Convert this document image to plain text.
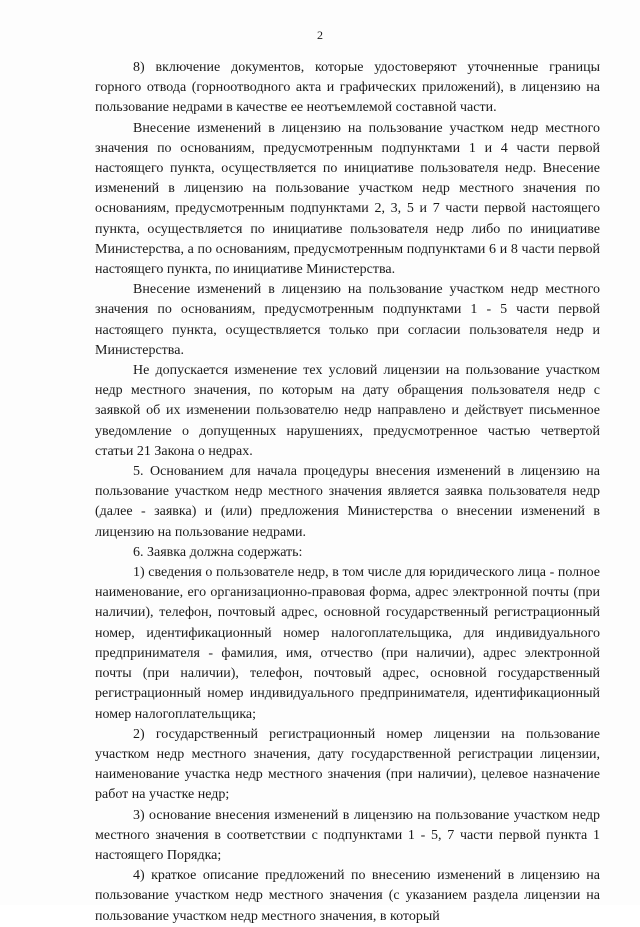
2

8) включение документов, которые удостоверяют уточненные границы горного отвода (горноотводного акта и графических приложений), в лицензию на пользование недрами в качестве ее неотъемлемой составной части.

Внесение изменений в лицензию на пользование участком недр местного значения по основаниям, предусмотренным подпунктами 1 и 4 части первой настоящего пункта, осуществляется по инициативе пользователя недр. Внесение изменений в лицензию на пользование участком недр местного значения по основаниям, предусмотренным подпунктами 2, 3, 5 и 7 части первой настоящего пункта, осуществляется по инициативе пользователя недр либо по инициативе Министерства, а по основаниям, предусмотренным подпунктами 6 и 8 части первой настоящего пункта, по инициативе Министерства.

Внесение изменений в лицензию на пользование участком недр местного значения по основаниям, предусмотренным подпунктами 1 - 5 части первой настоящего пункта, осуществляется только при согласии пользователя недр и Министерства.

Не допускается изменение тех условий лицензии на пользование участком недр местного значения, по которым на дату обращения пользователя недр с заявкой об их изменении пользователю недр направлено и действует письменное уведомление о допущенных нарушениях, предусмотренное частью четвертой статьи 21 Закона о недрах.

5. Основанием для начала процедуры внесения изменений в лицензию на пользование участком недр местного значения является заявка пользователя недр (далее - заявка) и (или) предложения Министерства о внесении изменений в лицензию на пользование недрами.

6. Заявка должна содержать:

1) сведения о пользователе недр, в том числе для юридического лица - полное наименование, его организационно-правовая форма, адрес электронной почты (при наличии), телефон, почтовый адрес, основной государственный регистрационный номер, идентификационный номер налогоплательщика, для индивидуального предпринимателя - фамилия, имя, отчество (при наличии), адрес электронной почты (при наличии), телефон, почтовый адрес, основной государственный регистрационный номер индивидуального предпринимателя, идентификационный номер налогоплательщика;

2) государственный регистрационный номер лицензии на пользование участком недр местного значения, дату государственной регистрации лицензии, наименование участка недр местного значения (при наличии), целевое назначение работ на участке недр;

3) основание внесения изменений в лицензию на пользование участком недр местного значения в соответствии с подпунктами 1 - 5, 7 части первой пункта 1 настоящего Порядка;

4) краткое описание предложений по внесению изменений в лицензию на пользование участком недр местного значения (с указанием раздела лицензии на пользование участком недр местного значения, в который
